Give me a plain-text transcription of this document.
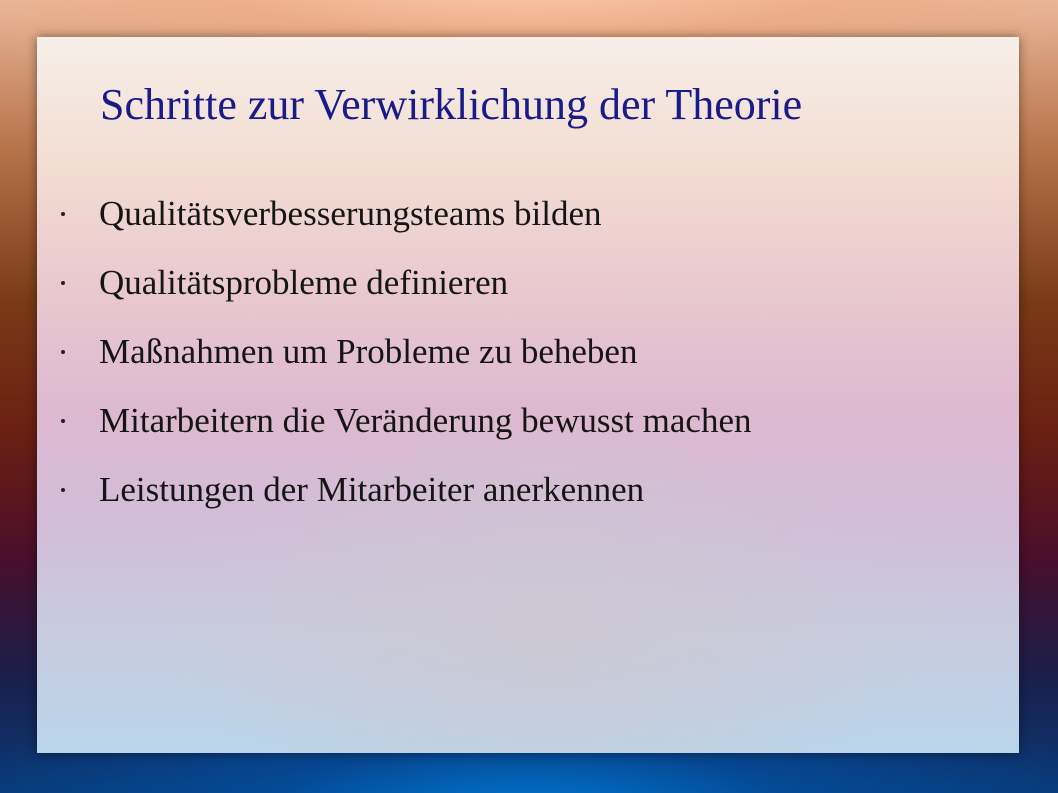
Schritte zur Verwirklichung der Theorie
Qualitätsverbesserungsteams bilden
Qualitätsprobleme definieren
Maßnahmen um Probleme zu beheben
Mitarbeitern die Veränderung bewusst machen
Leistungen der Mitarbeiter anerkennen
